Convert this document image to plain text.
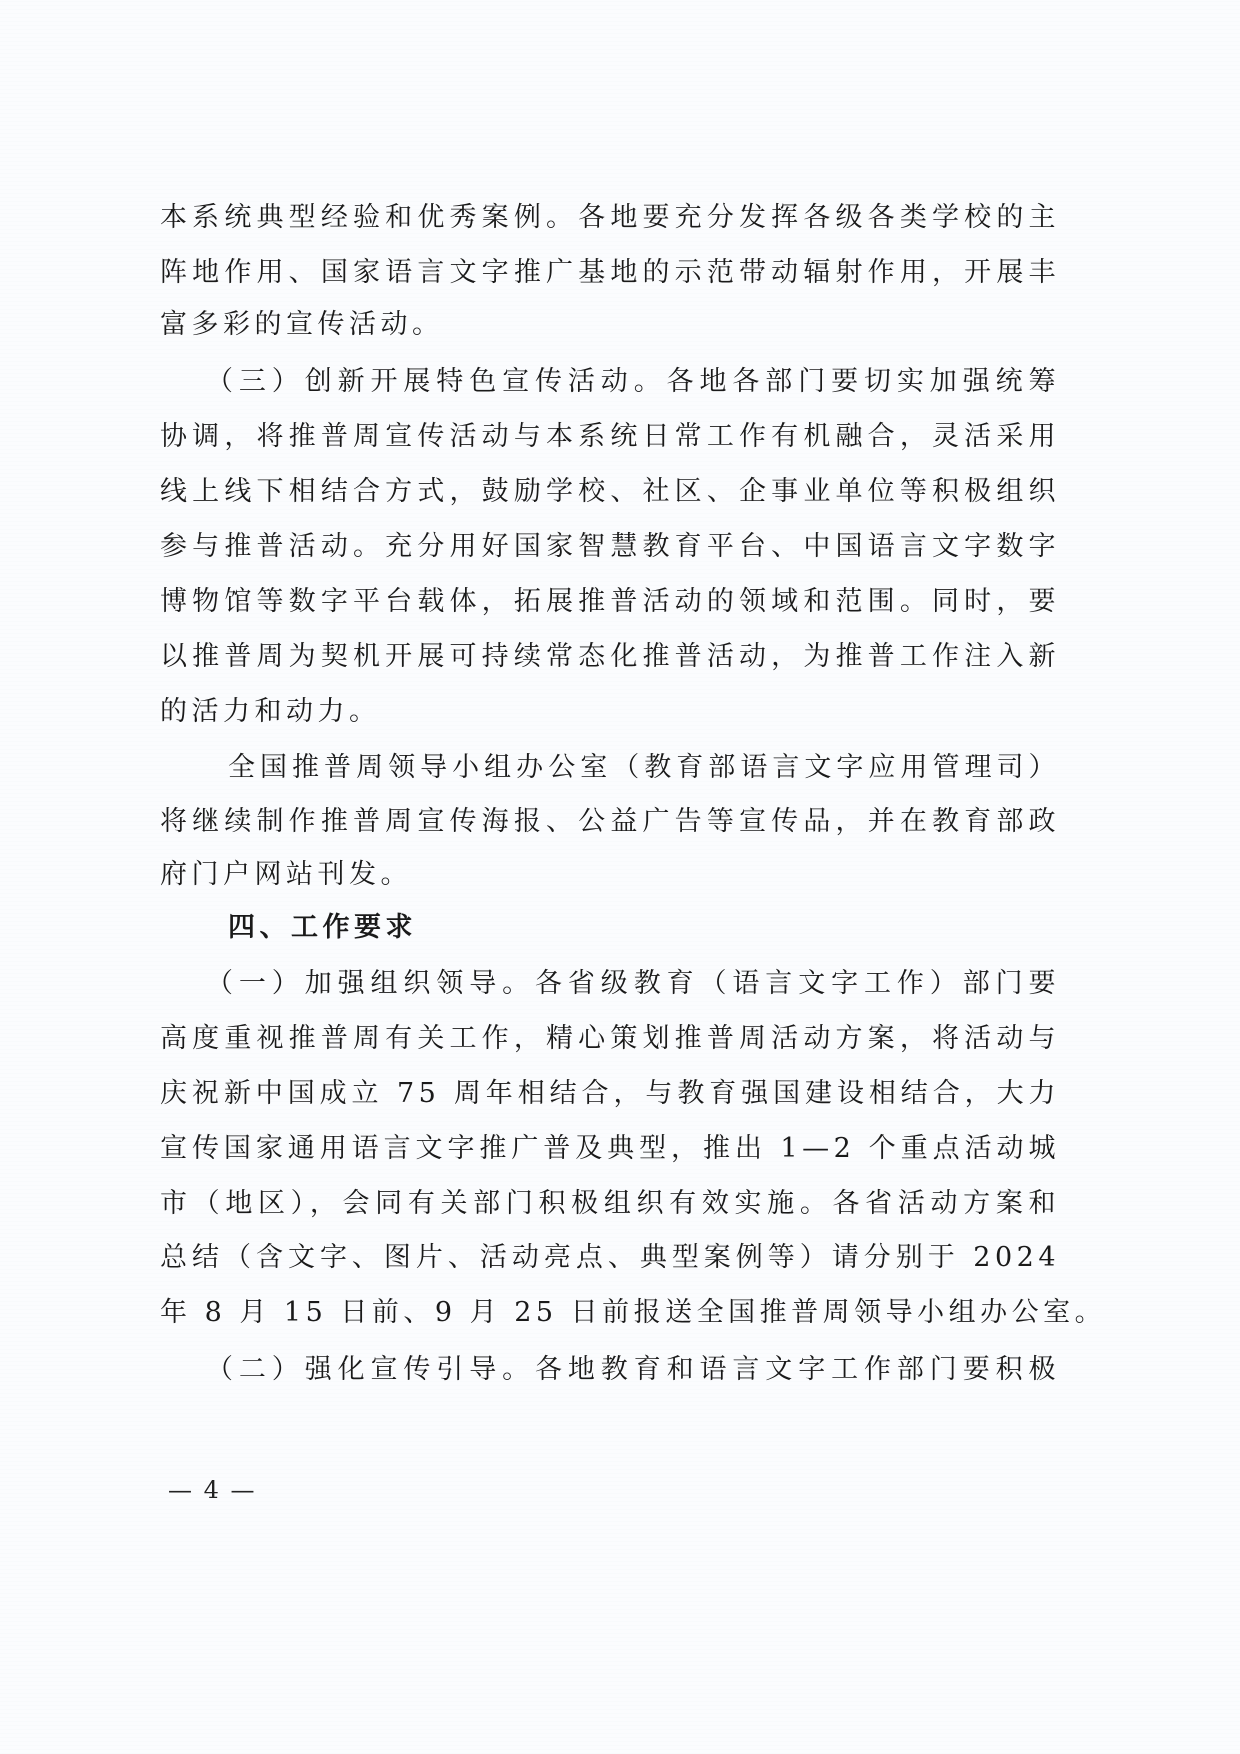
本系统典型经验和优秀案例。各地要充分发挥各级各类学校的主
阵地作用、国家语言文字推广基地的示范带动辐射作用，开展丰
富多彩的宣传活动。
（三）创新开展特色宣传活动。各地各部门要切实加强统筹
协调，将推普周宣传活动与本系统日常工作有机融合，灵活采用
线上线下相结合方式，鼓励学校、社区、企事业单位等积极组织
参与推普活动。充分用好国家智慧教育平台、中国语言文字数字
博物馆等数字平台载体，拓展推普活动的领域和范围。同时，要
以推普周为契机开展可持续常态化推普活动，为推普工作注入新
的活力和动力。
全国推普周领导小组办公室（教育部语言文字应用管理司）
将继续制作推普周宣传海报、公益广告等宣传品，并在教育部政
府门户网站刊发。
四、工作要求
（一）加强组织领导。各省级教育（语言文字工作）部门要
高度重视推普周有关工作，精心策划推普周活动方案，将活动与
庆祝新中国成立 75 周年相结合，与教育强国建设相结合，大力
宣传国家通用语言文字推广普及典型，推出 1—2 个重点活动城
市（地区），会同有关部门积极组织有效实施。各省活动方案和
总结（含文字、图片、活动亮点、典型案例等）请分别于 2024
年 8 月 15 日前、9 月 25 日前报送全国推普周领导小组办公室。
（二）强化宣传引导。各地教育和语言文字工作部门要积极
— 4 —
